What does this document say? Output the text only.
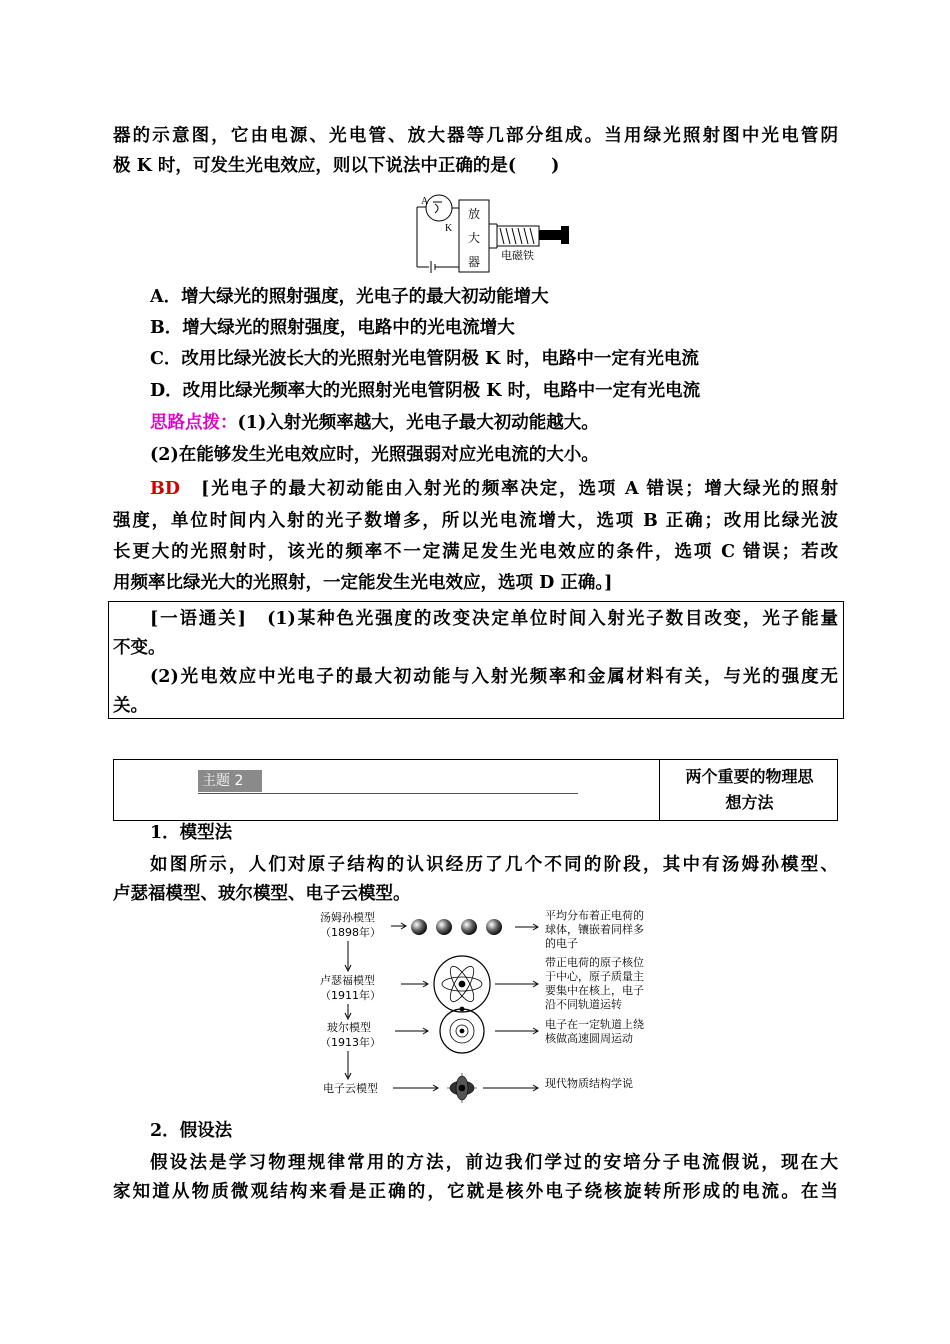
器的示意图，它由电源、光电管、放大器等几部分组成。当用绿光照射图中光电管阴
极 K 时，可发生光电效应，则以下说法中正确的是(　　)
A
K
放
大
器 电磁铁
A．增大绿光的照射强度，光电子的最大初动能增大
B．增大绿光的照射强度，电路中的光电流增大
C．改用比绿光波长大的光照射光电管阴极 K 时，电路中一定有光电流
D．改用比绿光频率大的光照射光电管阴极 K 时，电路中一定有光电流
思路点拨：(1)入射光频率越大，光电子最大初动能越大。
(2)在能够发生光电效应时，光照强弱对应光电流的大小。
BD　 [光电子的最大初动能由入射光的频率决定，选项 A 错误；增大绿光的照射
强度，单位时间内入射的光子数增多，所以光电流增大，选项 B 正确；改用比绿光波
长更大的光照射时，该光的频率不一定满足发生光电效应的条件，选项 C 错误；若改
用频率比绿光大的光照射，一定能发生光电效应，选项 D 正确。]
[一语通关]　(1)某种色光强度的改变决定单位时间入射光子数目改变，光子能量
不变。
(2)光电效应中光电子的最大初动能与入射光频率和金属材料有关，与光的强度无
关。
主题 2	两个重要的物理思
想方法
1．模型法
如图所示，人们对原子结构的认识经历了几个不同的阶段，其中有汤姆孙模型、
卢瑟福模型、玻尔模型、电子云模型。
汤姆孙模型
（1898年）
卢瑟福模型
（1911年）
玻尔模型
（1913年）
电子云模型
平均分布着正电荷的
球体，镶嵌着同样多
的电子
带正电荷的原子核位
于中心，原子质量主
要集中在核上，电子
沿不同轨道运转
电子在一定轨道上绕
核做高速圆周运动
现代物质结构学说
2．假设法
假设法是学习物理规律常用的方法，前边我们学过的安培分子电流假说，现在大
家知道从物质微观结构来看是正确的，它就是核外电子绕核旋转所形成的电流。在当
